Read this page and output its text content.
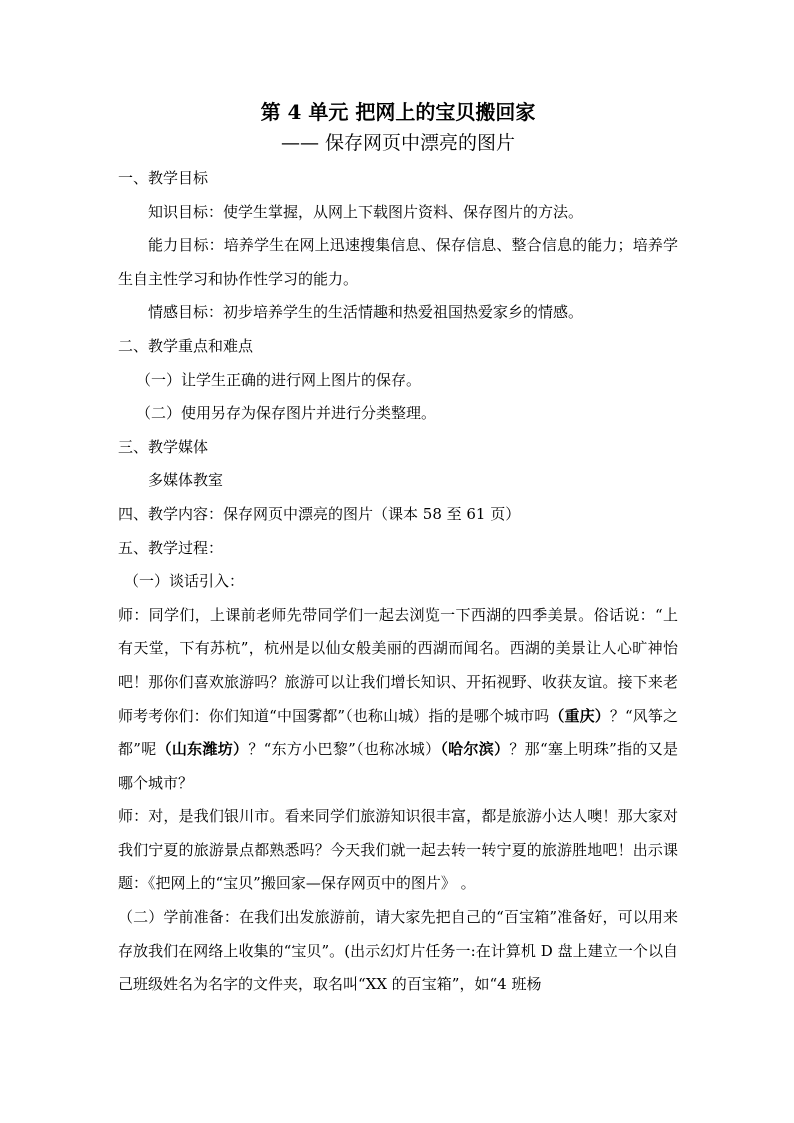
第 4 单元 把网上的宝贝搬回家

—— 保存网页中漂亮的图片

一、教学目标

知识目标：使学生掌握，从网上下载图片资料、保存图片的方法。

能力目标：培养学生在网上迅速搜集信息、保存信息、整合信息的能力；培养学生自主性学习和协作性学习的能力。

情感目标：初步培养学生的生活情趣和热爱祖国热爱家乡的情感。

二、教学重点和难点

（一）让学生正确的进行网上图片的保存。

（二）使用另存为保存图片并进行分类整理。

三、教学媒体

多媒体教室

四、教学内容：保存网页中漂亮的图片（课本 58 至 61 页）

五、教学过程：

（一）谈话引入：

师：同学们，上课前老师先带同学们一起去浏览一下西湖的四季美景。俗话说：“上有天堂，下有苏杭”，杭州是以仙女般美丽的西湖而闻名。西湖的美景让人心旷神怡吧！那你们喜欢旅游吗？旅游可以让我们增长知识、开拓视野、收获友谊。接下来老师考考你们：你们知道“中国雾都”（也称山城）指的是哪个城市吗（重庆）？“风筝之都”呢（山东潍坊）？“东方小巴黎”（也称冰城）（哈尔滨）？那“塞上明珠”指的又是哪个城市？

师：对，是我们银川市。看来同学们旅游知识很丰富，都是旅游小达人噢！那大家对我们宁夏的旅游景点都熟悉吗？今天我们就一起去转一转宁夏的旅游胜地吧！出示课题：《把网上的“宝贝”搬回家—保存网页中的图片》 。

（二）学前准备：在我们出发旅游前，请大家先把自己的“百宝箱”准备好，可以用来存放我们在网络上收集的“宝贝”。(出示幻灯片任务一:在计算机 D 盘上建立一个以自己班级姓名为名字的文件夹，取名叫“XX 的百宝箱”，如“4 班杨
